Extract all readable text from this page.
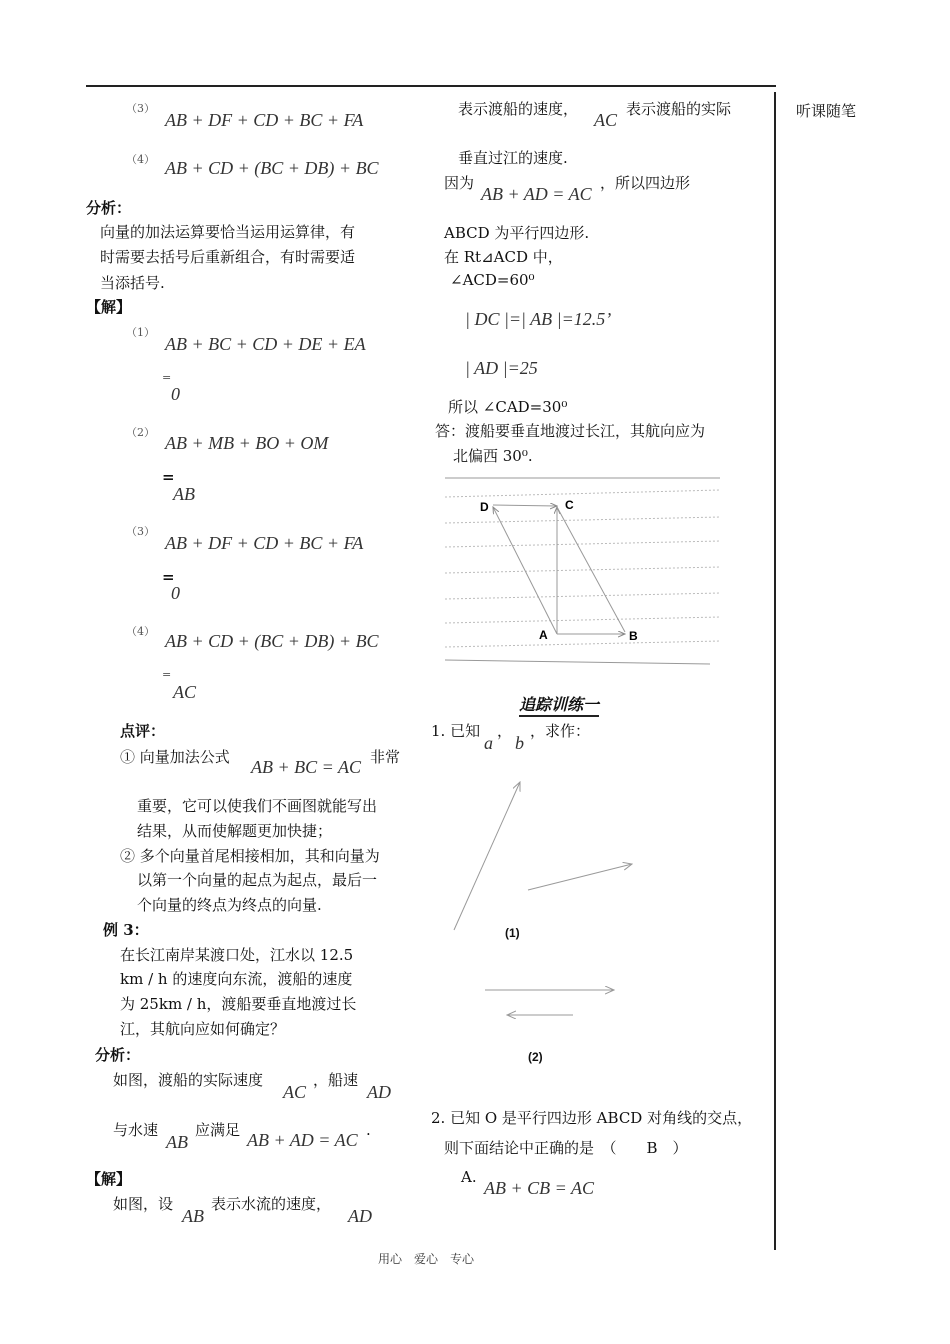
听课随笔
（3）
AB + DF + CD + BC + FA
（4） AB + CD + (BC + DB) + BC
分析：
向量的加法运算要恰当运用运算律，有
时需要去括号后重新组合，有时需要适
当添括号.
【解】
（1）
AB + BC + CD + DE + EA
=
0
（2）
AB + MB + BO + OM
=
AB
（3）
AB + DF + CD + BC + FA
=
0
（4） AB + CD + (BC + DB) + BC
=
AC
点评：
① 向量加法公式 AB + BC = AC 非常
重要，它可以使我们不画图就能写出
结果，从而使解题更加快捷；
② 多个向量首尾相接相加，其和向量为
以第一个向量的起点为起点，最后一
个向量的终点为终点的向量.
例 3：
在长江南岸某渡口处，江水以 12.5
km / h 的速度向东流，渡船的速度
为 25km / h，渡船要垂直地渡过长
江，其航向应如何确定？
分析：
如图，渡船的实际速度
AC
，船速
AD
与水速
AB
应满足 AB + AD = AC .
【解】
如图，设
AB
表示水流的速度，
AD
表示渡船的速度，
AC
表示渡船的实际
垂直过江的速度.
因为
AB + AD = AC
，所以四边形
ABCD 为平行四边形.
在 Rt⊿ACD 中，
∠ACD=60⁰
| DC |=| AB |=12.5’
| AD |=25
所以 ∠CAD=30⁰
答：渡船要垂直地渡过长江，其航向应为
北偏西 30⁰.
D	C
A	B
追踪训练一
1. 已知
a
，
b
，求作：
(1)
(2)
2. 已知 O 是平行四边形 ABCD 对角线的交点，
则下面结论中正确的是　（　　B　）
A.
AB + CB = AC
用心　爱心　专心
